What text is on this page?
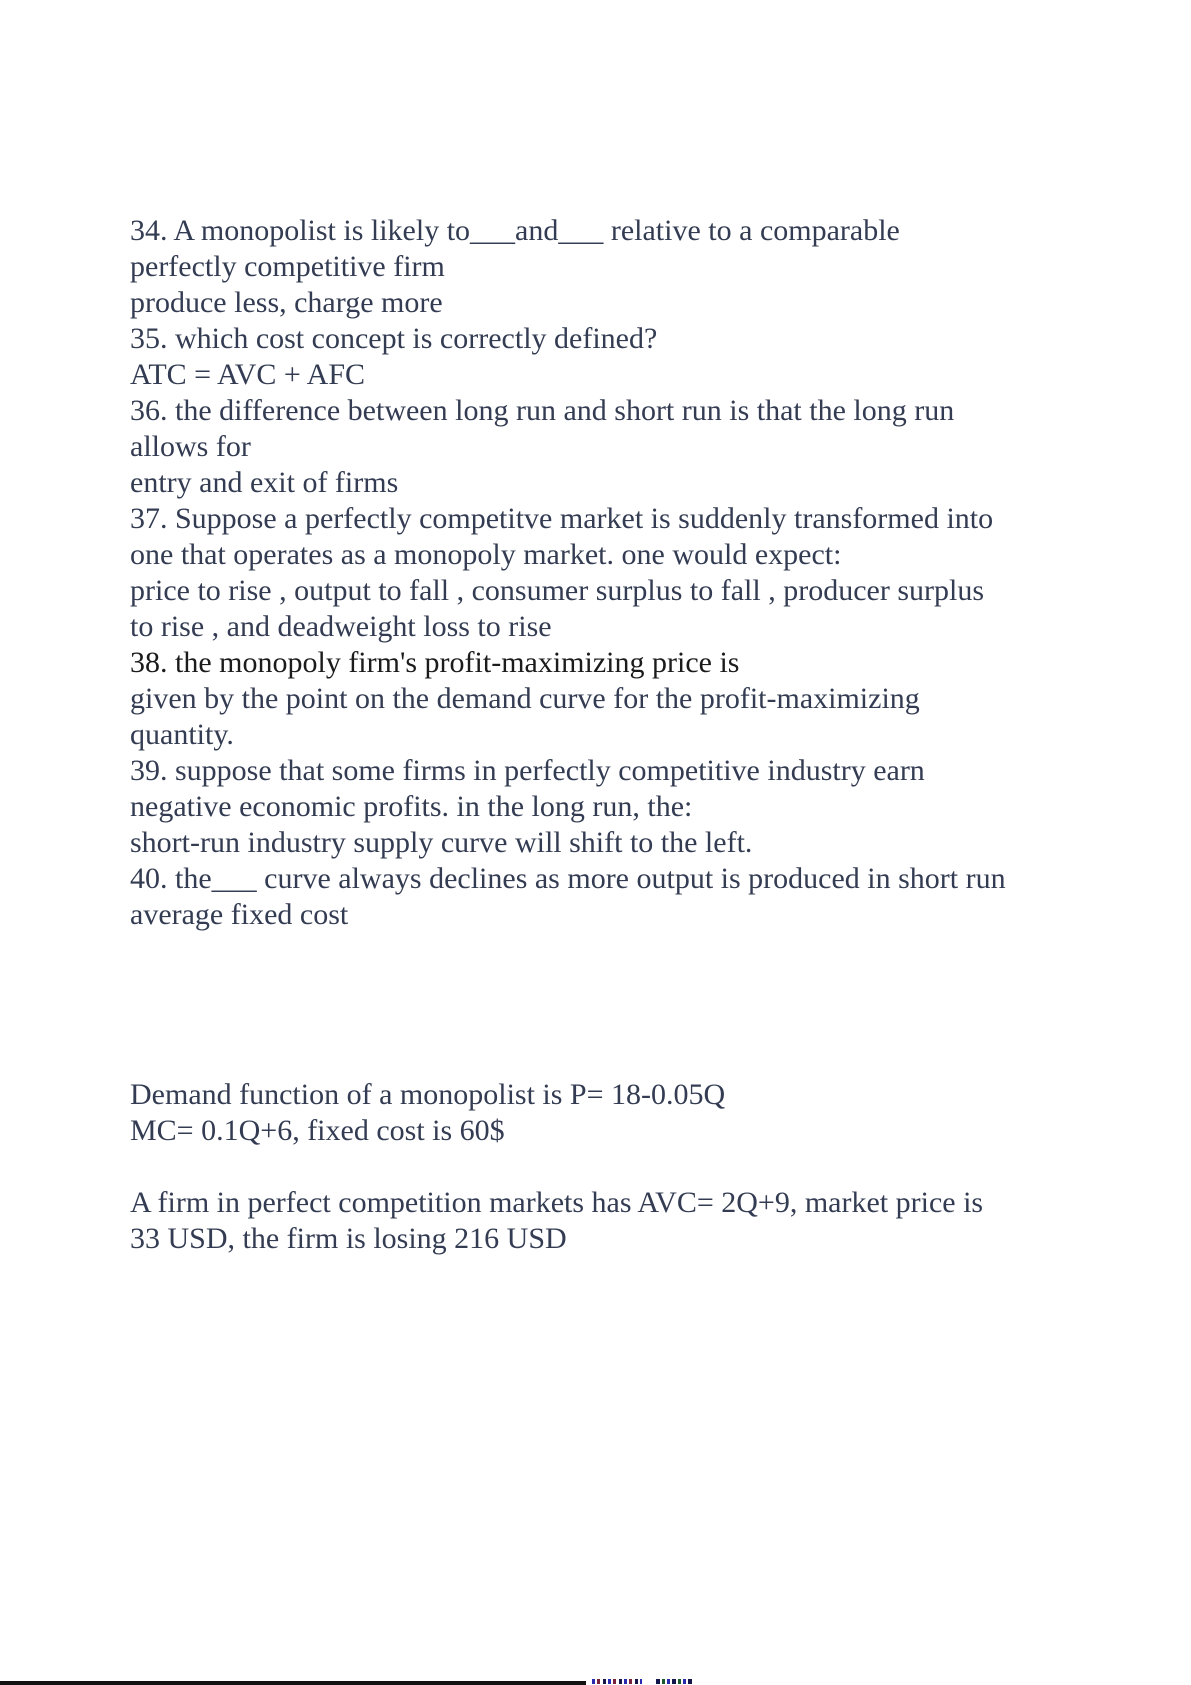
34. A monopolist is likely to___and___ relative to a comparable
perfectly competitive firm
produce less, charge more
35. which cost concept is correctly defined?
ATC = AVC + AFC
36. the difference between long run and short run is that the long run
allows for
entry and exit of firms
37. Suppose a perfectly competitve market is suddenly transformed into
one that operates as a monopoly market. one would expect:
price to rise , output to fall , consumer surplus to fall , producer surplus
to rise , and deadweight loss to rise
38. the monopoly firm's profit-maximizing price is
given by the point on the demand curve for the profit-maximizing
quantity.
39. suppose that some firms in perfectly competitive industry earn
negative economic profits. in the long run, the:
short-run industry supply curve will shift to the left.
40. the___ curve always declines as more output is produced in short run
average fixed cost
Demand function of a monopolist is P= 18-0.05Q
MC= 0.1Q+6, fixed cost is 60$
A firm in perfect competition markets has AVC= 2Q+9, market price is
33 USD, the firm is losing 216 USD
